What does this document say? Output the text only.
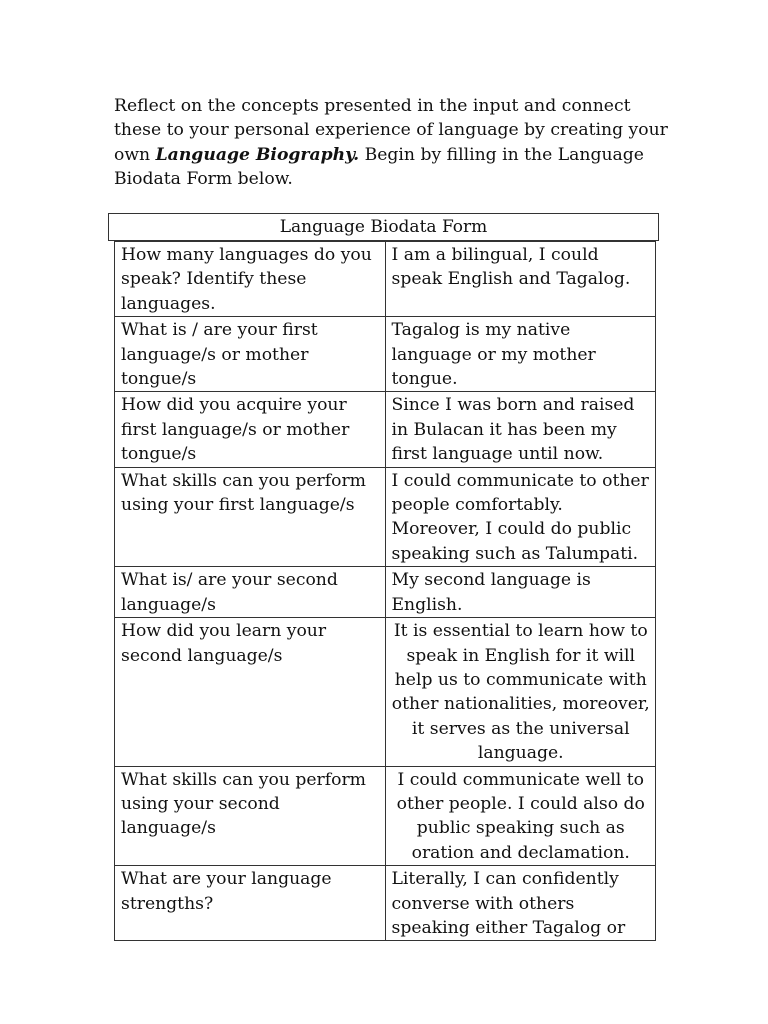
Reflect on the concepts presented in the input and connect these to your personal experience of language by creating your own Language Biography. Begin by filling in the Language Biodata Form below.

Language Biodata Form
How many languages do you speak? Identify these languages.	I am a bilingual, I could speak English and Tagalog.
What is / are your first language/s or mother tongue/s	Tagalog is my native language or my mother tongue.
How did you acquire your first language/s or mother tongue/s	Since I was born and raised in Bulacan it has been my first language until now.
What skills can you perform using your first language/s	I could communicate to other people comfortably. Moreover, I could do public speaking such as Talumpati.
What is/ are your second language/s	My second language is English.
How did you learn your second language/s	It is essential to learn how to speak in English for it will help us to communicate with other nationalities, moreover, it serves as the universal language.
What skills can you perform using your second language/s	I could communicate well to other people. I could also do public speaking such as oration and declamation.
What are your language strengths?	Literally, I can confidently converse with others speaking either Tagalog or
